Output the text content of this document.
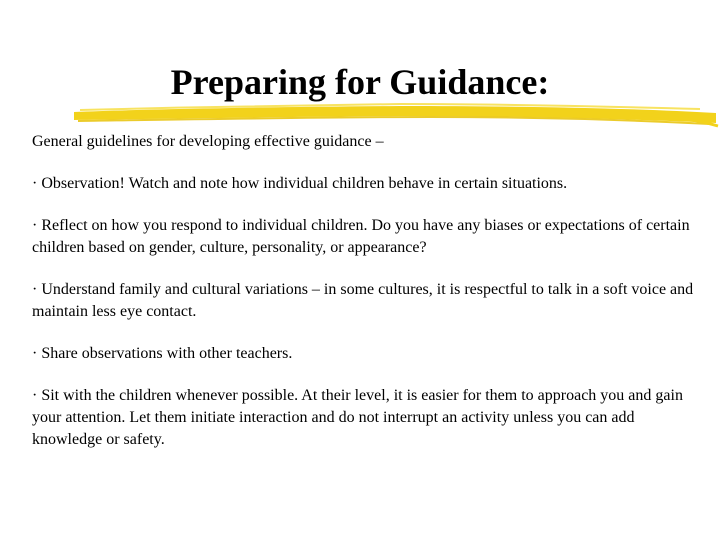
Preparing for Guidance:

General guidelines for developing effective guidance –

· Observation! Watch and note how individual children behave in certain situations.

· Reflect on how you respond to individual children. Do you have any biases or expectations of certain children based on gender, culture, personality, or appearance?

· Understand family and cultural variations – in some cultures, it is respectful to talk in a soft voice and maintain less eye contact.

· Share observations with other teachers.

· Sit with the children whenever possible. At their level, it is easier for them to approach you and gain your attention. Let them initiate interaction and do not interrupt an activity unless you can add knowledge or safety.
